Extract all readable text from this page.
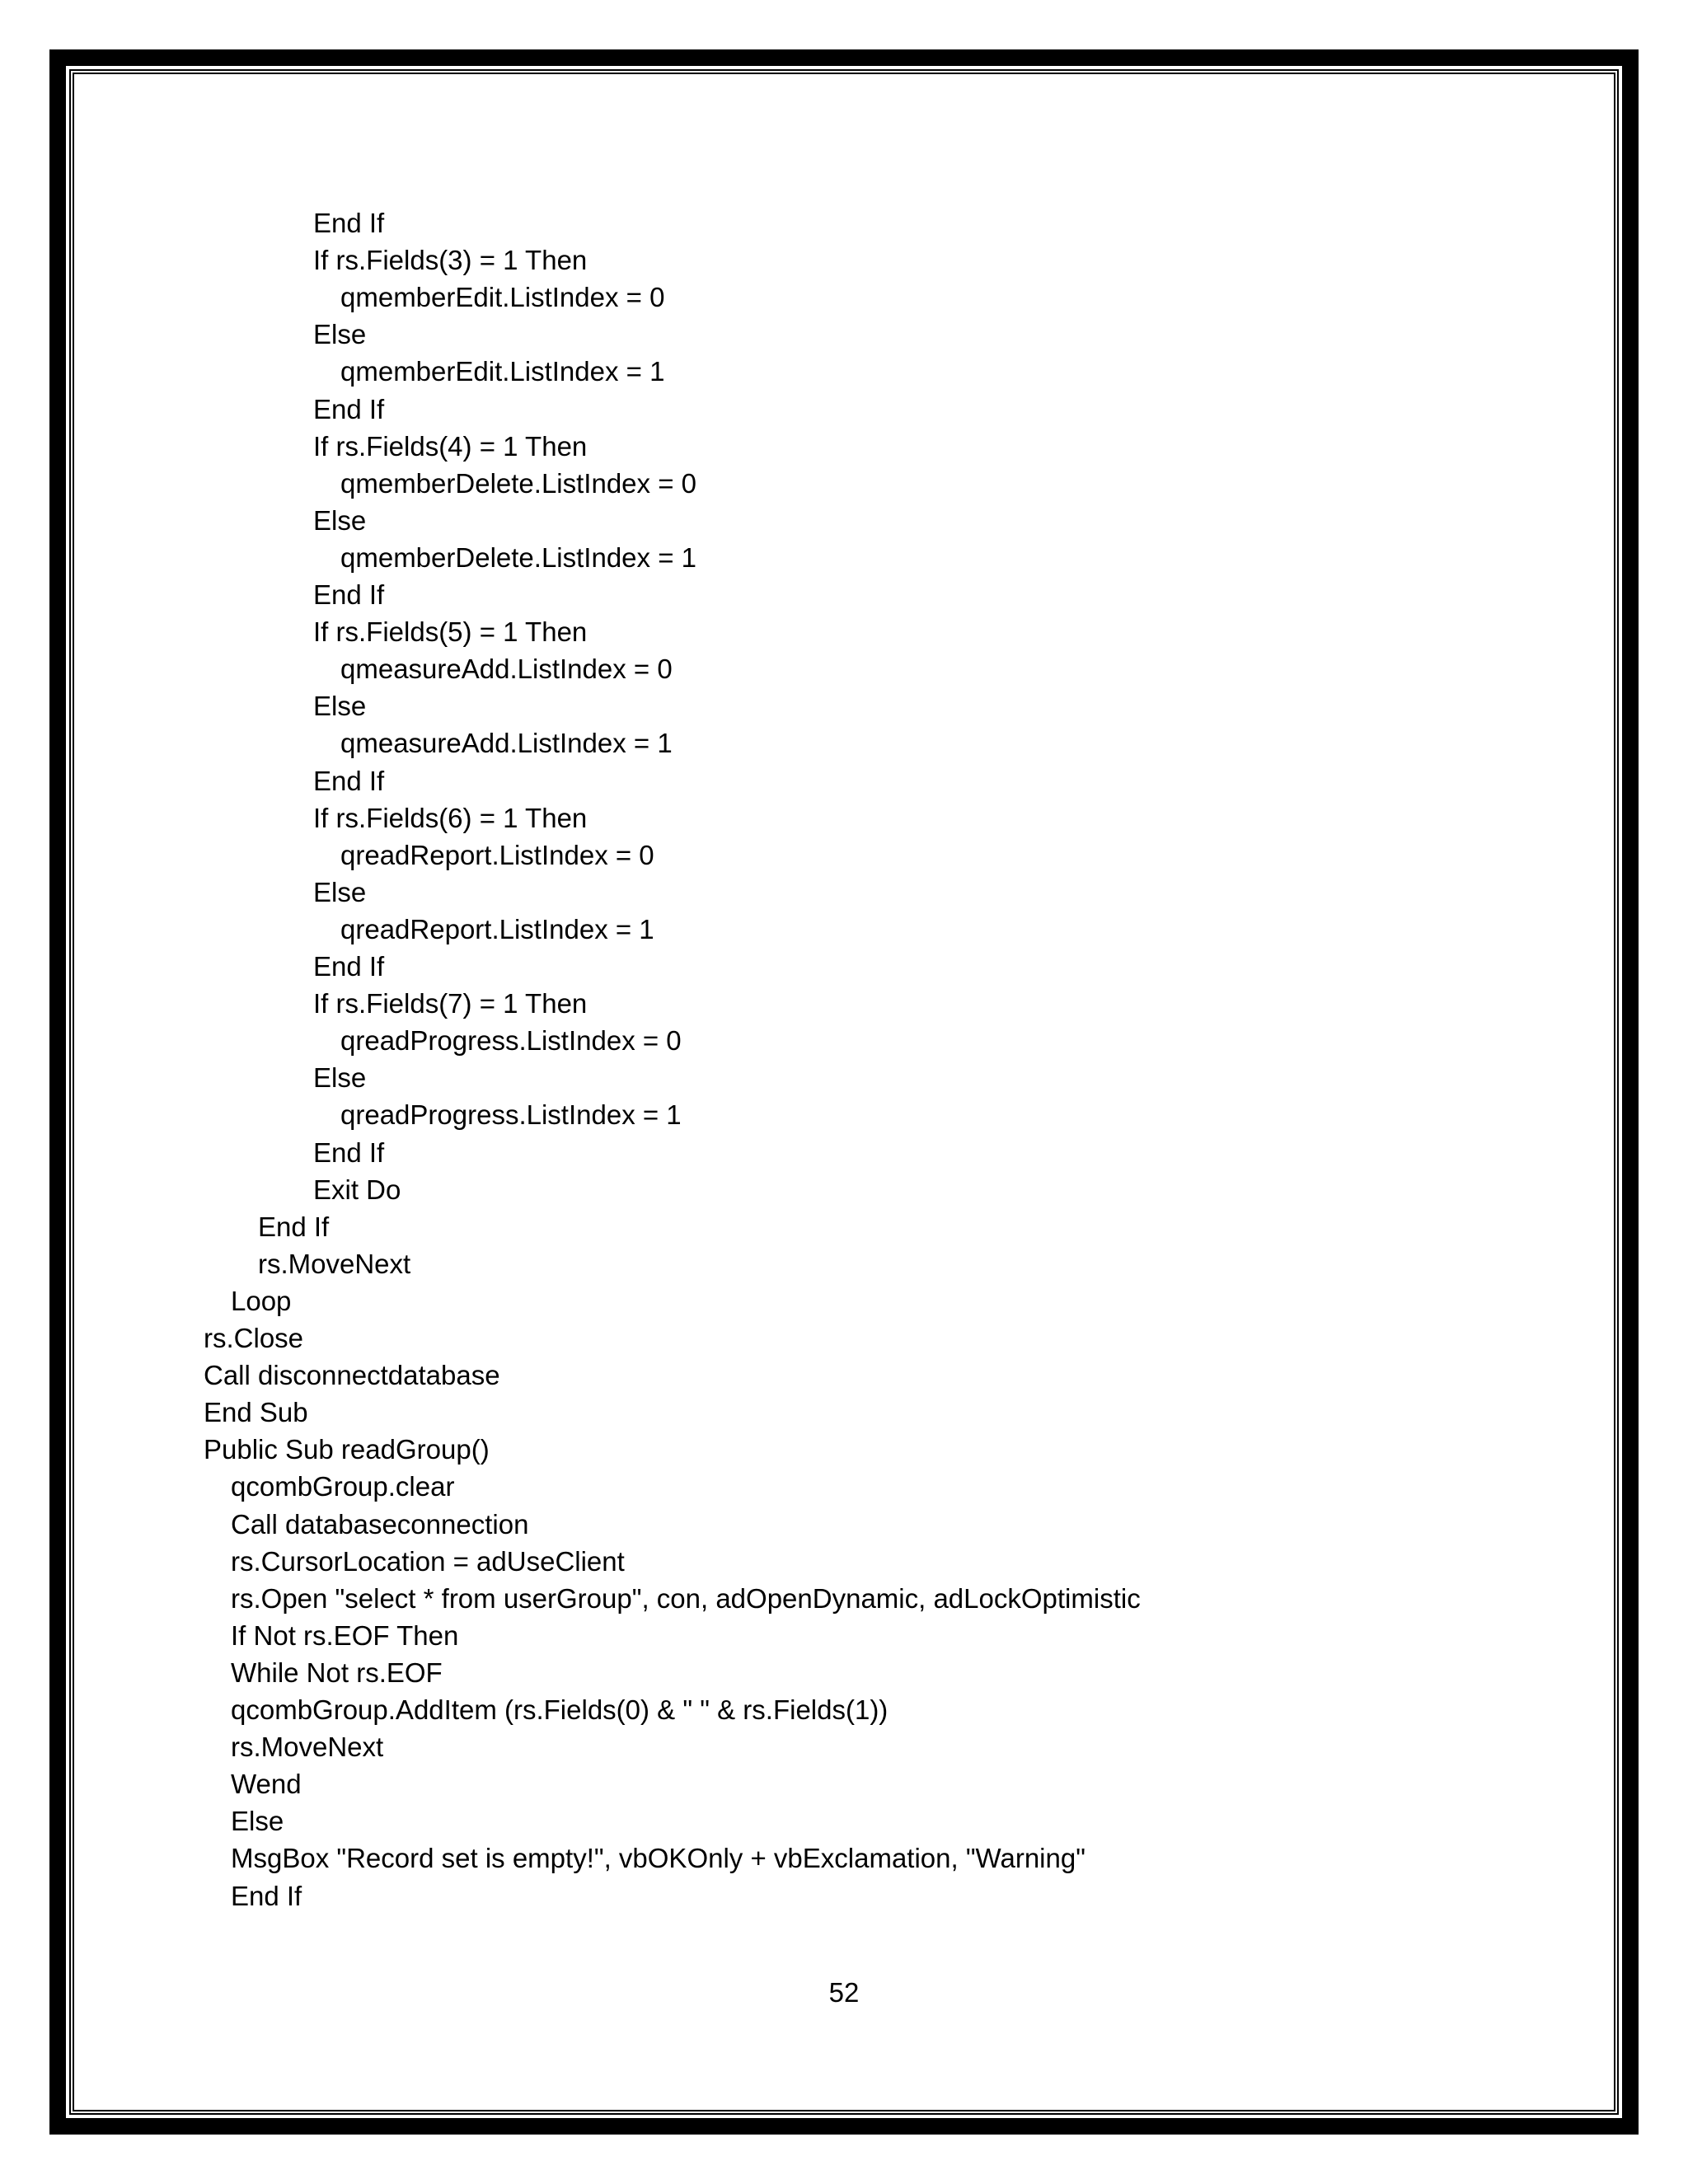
End If
If rs.Fields(3) = 1 Then
qmemberEdit.ListIndex = 0
Else
qmemberEdit.ListIndex = 1
End If
If rs.Fields(4) = 1 Then
qmemberDelete.ListIndex = 0
Else
qmemberDelete.ListIndex = 1
End If
If rs.Fields(5) = 1 Then
qmeasureAdd.ListIndex = 0
Else
qmeasureAdd.ListIndex = 1
End If
If rs.Fields(6) = 1 Then
qreadReport.ListIndex = 0
Else
qreadReport.ListIndex = 1
End If
If rs.Fields(7) = 1 Then
qreadProgress.ListIndex = 0
Else
qreadProgress.ListIndex = 1
End If
Exit Do
End If
rs.MoveNext
Loop
rs.Close
Call disconnectdatabase
End Sub
Public Sub readGroup()
qcombGroup.clear
Call databaseconnection
rs.CursorLocation = adUseClient
rs.Open "select * from userGroup", con, adOpenDynamic, adLockOptimistic
If Not rs.EOF Then
While Not rs.EOF
qcombGroup.AddItem (rs.Fields(0) & " " & rs.Fields(1))
rs.MoveNext
Wend
Else
MsgBox "Record set is empty!", vbOKOnly + vbExclamation, "Warning"
End If
52
